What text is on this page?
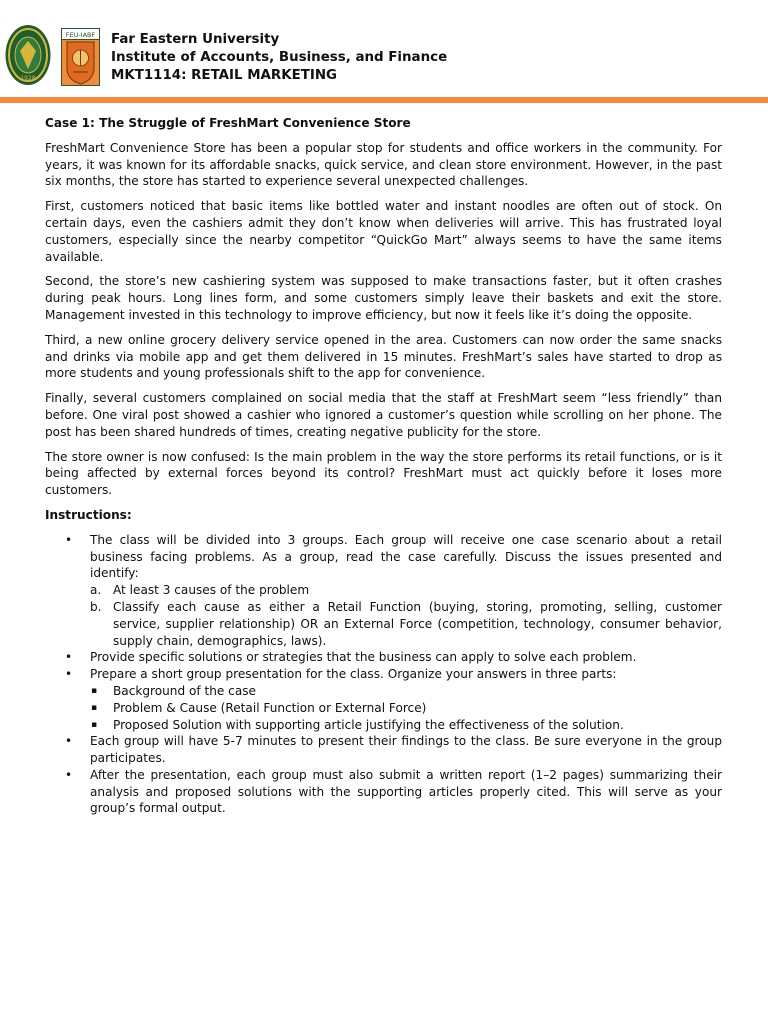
1928
FEU-IABF Far Eastern University
Institute of Accounts, Business, and Finance
MKT1114: RETAIL MARKETING

Case 1: The Struggle of FreshMart Convenience Store

FreshMart Convenience Store has been a popular stop for students and office workers in the community. For years, it was known for its affordable snacks, quick service, and clean store environment. However, in the past six months, the store has started to experience several unexpected challenges.

First, customers noticed that basic items like bottled water and instant noodles are often out of stock. On certain days, even the cashiers admit they don’t know when deliveries will arrive. This has frustrated loyal customers, especially since the nearby competitor “QuickGo Mart” always seems to have the same items available.

Second, the store’s new cashiering system was supposed to make transactions faster, but it often crashes during peak hours. Long lines form, and some customers simply leave their baskets and exit the store. Management invested in this technology to improve efficiency, but now it feels like it’s doing the opposite.

Third, a new online grocery delivery service opened in the area. Customers can now order the same snacks and drinks via mobile app and get them delivered in 15 minutes. FreshMart’s sales have started to drop as more students and young professionals shift to the app for convenience.

Finally, several customers complained on social media that the staff at FreshMart seem “less friendly” than before. One viral post showed a cashier who ignored a customer’s question while scrolling on her phone. The post has been shared hundreds of times, creating negative publicity for the store.

The store owner is now confused: Is the main problem in the way the store performs its retail functions, or is it being affected by external forces beyond its control? FreshMart must act quickly before it loses more customers.

Instructions:

• The class will be divided into 3 groups. Each group will receive one case scenario about a retail business facing problems. As a group, read the case carefully. Discuss the issues presented and identify:
a. At least 3 causes of the problem
b. Classify each cause as either a Retail Function (buying, storing, promoting, selling, customer service, supplier relationship) OR an External Force (competition, technology, consumer behavior, supply chain, demographics, laws).
• Provide specific solutions or strategies that the business can apply to solve each problem.
• Prepare a short group presentation for the class. Organize your answers in three parts:
▪ Background of the case
▪ Problem & Cause (Retail Function or External Force)
▪ Proposed Solution with supporting article justifying the effectiveness of the solution.
• Each group will have 5-7 minutes to present their findings to the class. Be sure everyone in the group participates.
• After the presentation, each group must also submit a written report (1–2 pages) summarizing their analysis and proposed solutions with the supporting articles properly cited. This will serve as your group’s formal output.
